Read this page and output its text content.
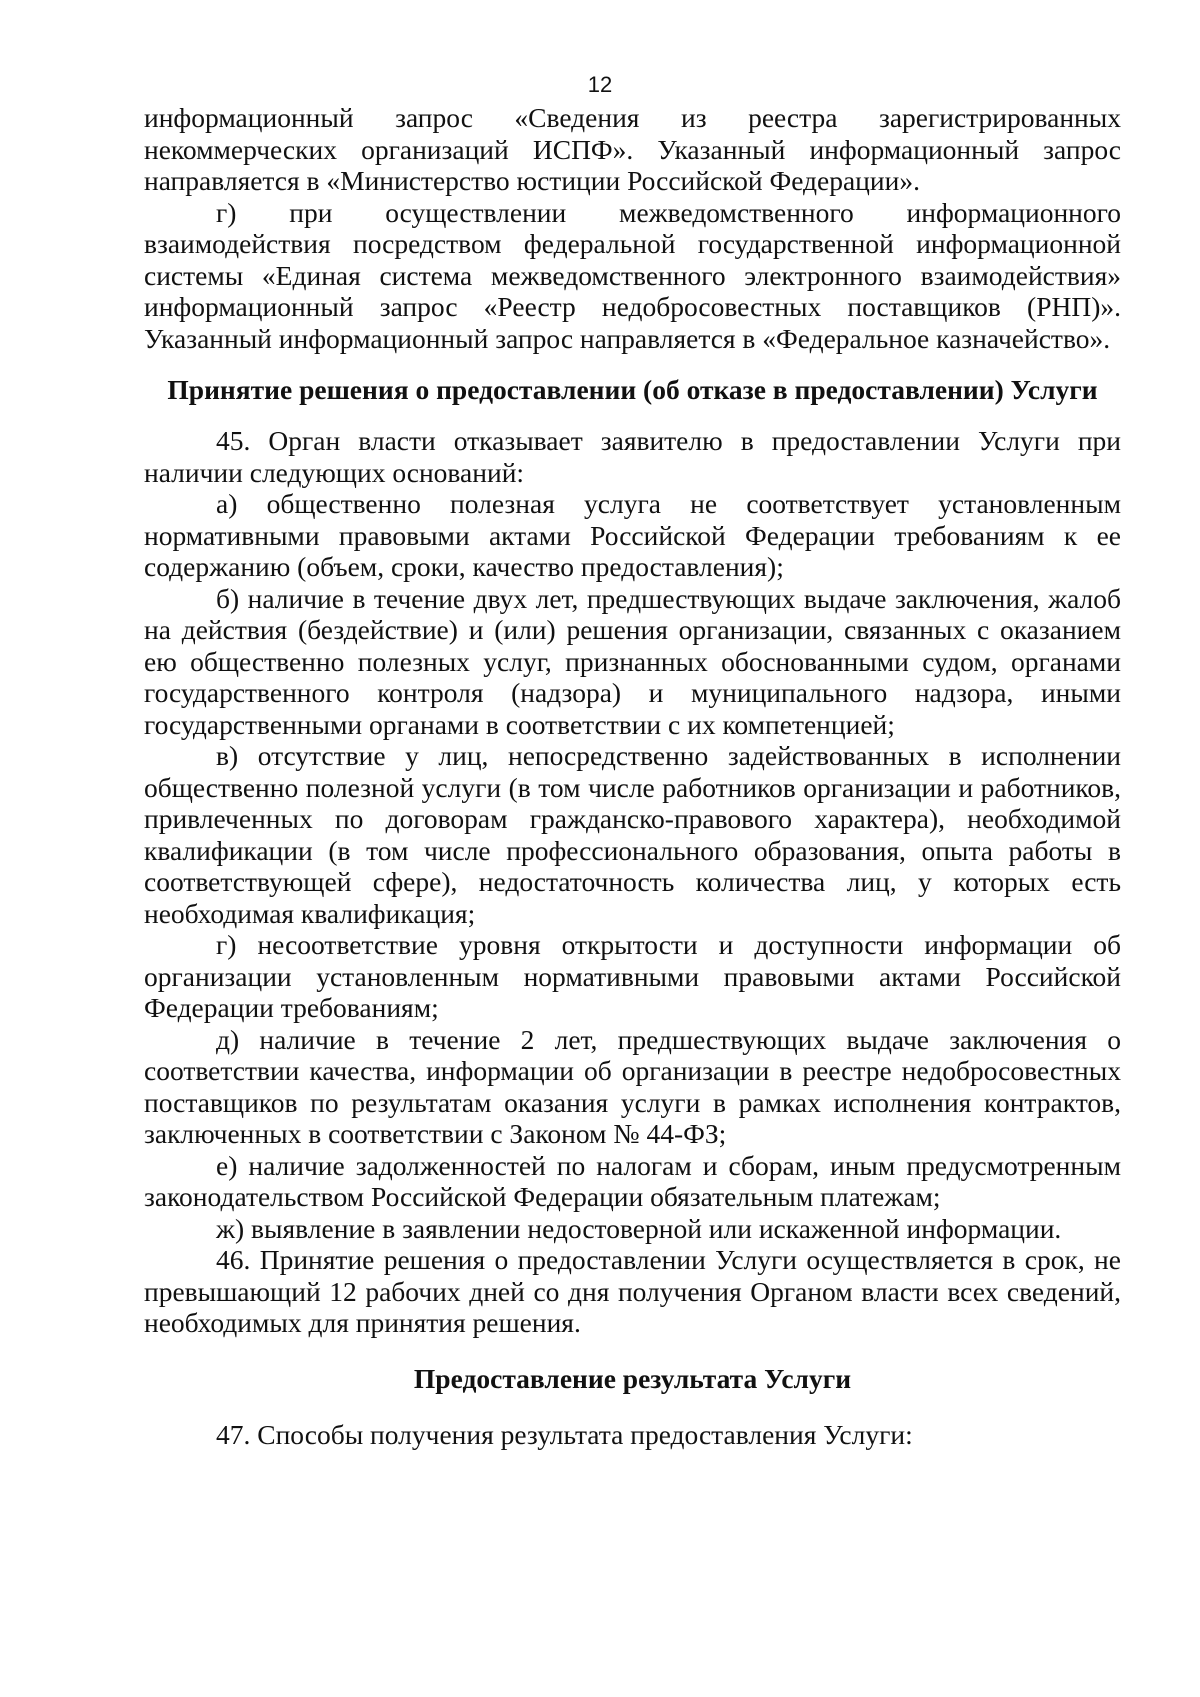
12

информационный запрос «Сведения из реестра зарегистрированных некоммерческих организаций ИСПФ». Указанный информационный запрос направляется в «Министерство юстиции Российской Федерации».

г) при осуществлении межведомственного информационного взаимодействия посредством федеральной государственной информационной системы «Единая система межведомственного электронного взаимодействия» информационный запрос «Реестр недобросовестных поставщиков (РНП)». Указанный информационный запрос направляется в «Федеральное казначейство».

Принятие решения о предоставлении (об отказе в предоставлении) Услуги

45. Орган власти отказывает заявителю в предоставлении Услуги при наличии следующих оснований:

а) общественно полезная услуга не соответствует установленным нормативными правовыми актами Российской Федерации требованиям к ее содержанию (объем, сроки, качество предоставления);

б) наличие в течение двух лет, предшествующих выдаче заключения, жалоб на действия (бездействие) и (или) решения организации, связанных с оказанием ею общественно полезных услуг, признанных обоснованными судом, органами государственного контроля (надзора) и муниципального надзора, иными государственными органами в соответствии с их компетенцией;

в) отсутствие у лиц, непосредственно задействованных в исполнении общественно полезной услуги (в том числе работников организации и работников, привлеченных по договорам гражданско-правового характера), необходимой квалификации (в том числе профессионального образования, опыта работы в соответствующей сфере), недостаточность количества лиц, у которых есть необходимая квалификация;

г) несоответствие уровня открытости и доступности информации об организации установленным нормативными правовыми актами Российской Федерации требованиям;

д) наличие в течение 2 лет, предшествующих выдаче заключения о соответствии качества, информации об организации в реестре недобросовестных поставщиков по результатам оказания услуги в рамках исполнения контрактов, заключенных в соответствии с Законом № 44-ФЗ;

е) наличие задолженностей по налогам и сборам, иным предусмотренным законодательством Российской Федерации обязательным платежам;

ж) выявление в заявлении недостоверной или искаженной информации.

46. Принятие решения о предоставлении Услуги осуществляется в срок, не превышающий 12 рабочих дней со дня получения Органом власти всех сведений, необходимых для принятия решения.

Предоставление результата Услуги

47. Способы получения результата предоставления Услуги:
